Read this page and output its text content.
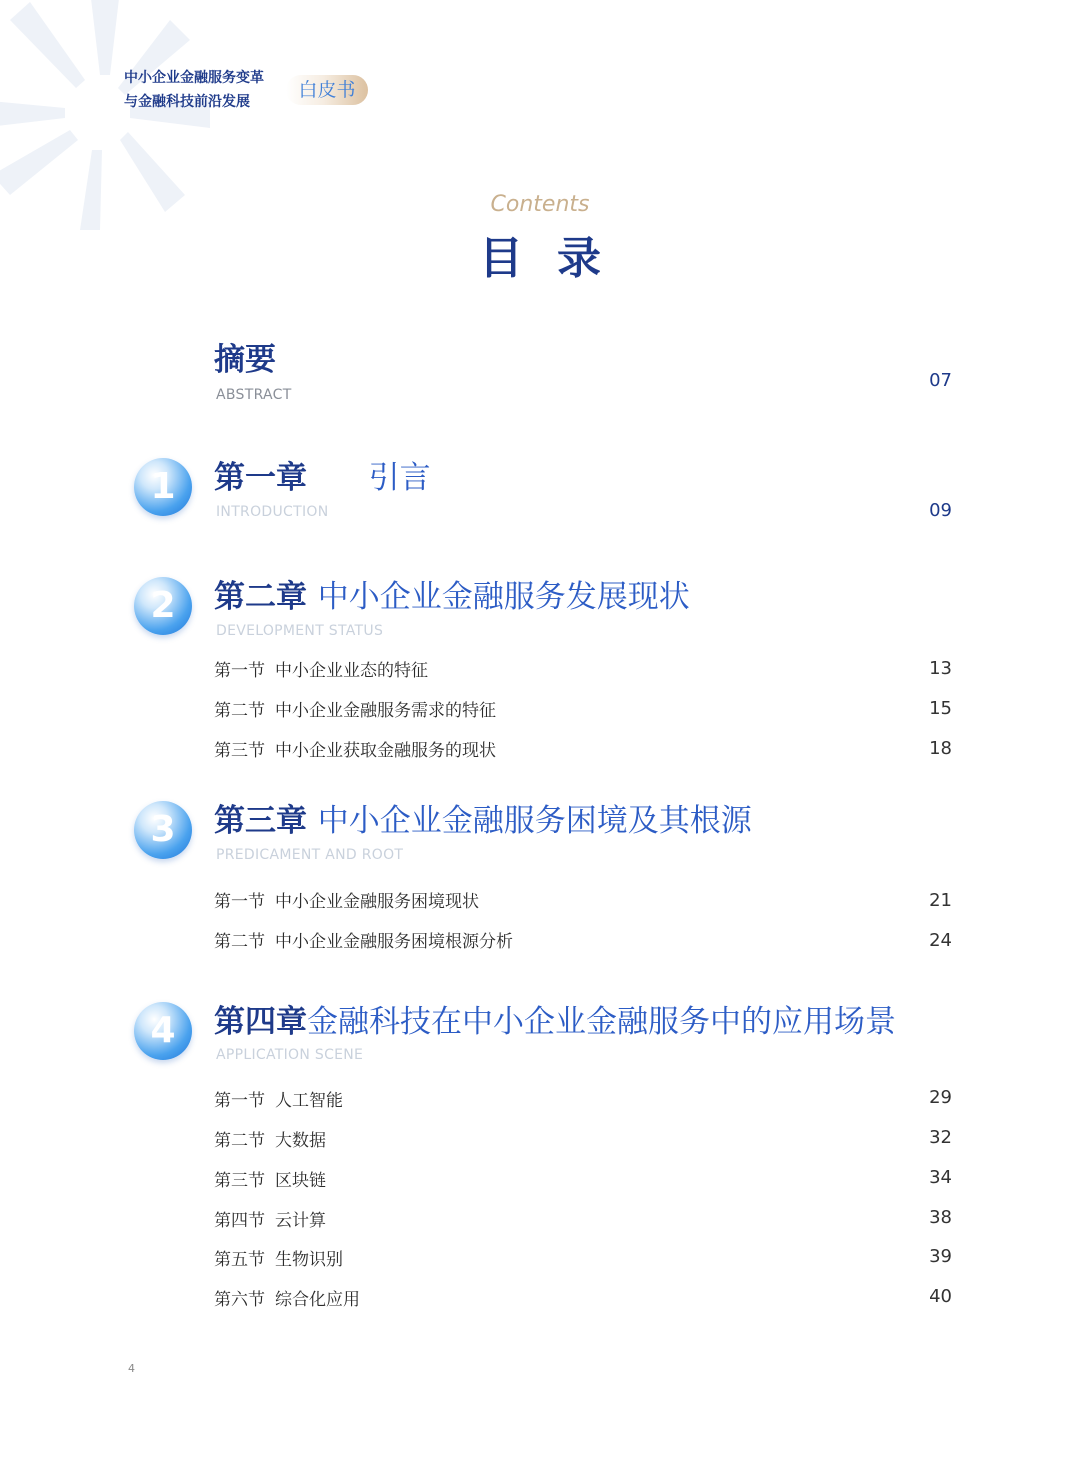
中小企业金融服务变革
与金融科技前沿发展
白皮书
Contents
目录
摘要
ABSTRACT
07
1	第一章 引言
INTRODUCTION	09
2	第二章 中小企业金融服务发展现状
DEVELOPMENT STATUS
第一节 中小企业业态的特征	13
第二节 中小企业金融服务需求的特征	15
第三节 中小企业获取金融服务的现状	18
3	第三章 中小企业金融服务困境及其根源
PREDICAMENT AND ROOT
第一节 中小企业金融服务困境现状	21
第二节 中小企业金融服务困境根源分析	24
4	第四章金融科技在中小企业金融服务中的应用场景
APPLICATION SCENE
第一节 人工智能	29
第二节 大数据	32
第三节 区块链	34
第四节 云计算	38
第五节 生物识别	39
第六节 综合化应用	40
4
